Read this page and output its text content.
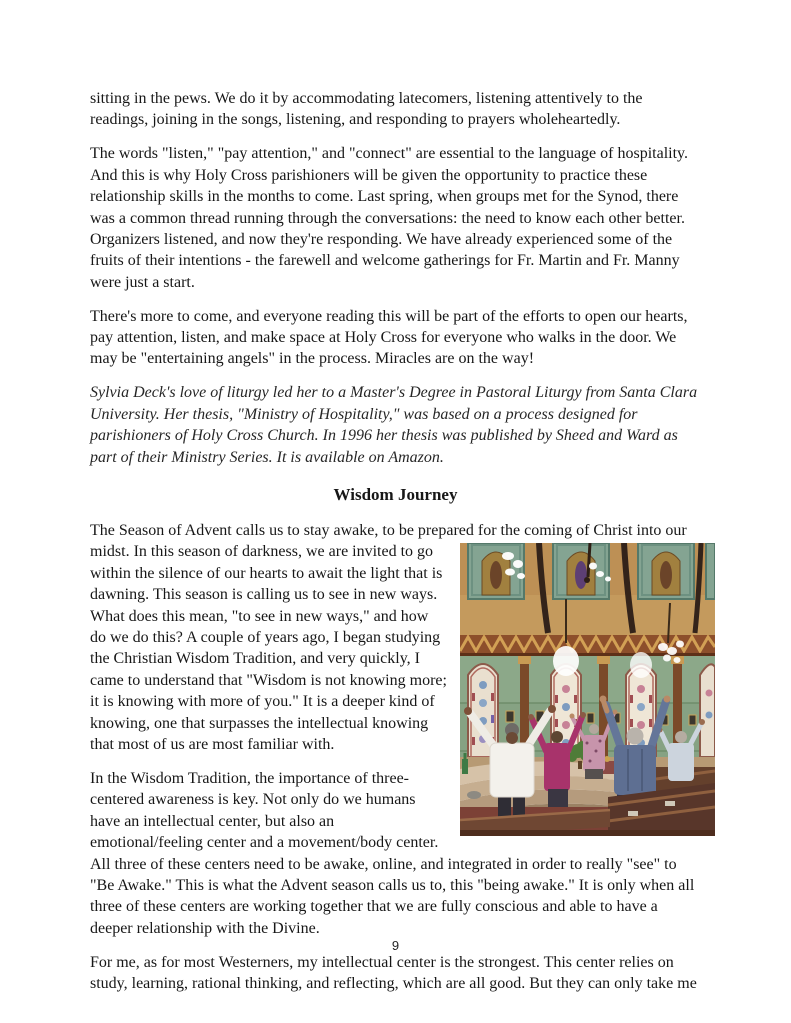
sitting in the pews. We do it by accommodating latecomers, listening attentively to the readings, joining in the songs, listening, and responding to prayers wholeheartedly.

The words "listen," "pay attention," and "connect" are essential to the language of hospitality. And this is why Holy Cross parishioners will be given the opportunity to practice these relationship skills in the months to come. Last spring, when groups met for the Synod, there was a common thread running through the conversations: the need to know each other better. Organizers listened, and now they're responding. We have already experienced some of the fruits of their intentions - the farewell and welcome gatherings for Fr. Martin and Fr. Manny were just a start.

There's more to come, and everyone reading this will be part of the efforts to open our hearts, pay attention, listen, and make space at Holy Cross for everyone who walks in the door. We may be "entertaining angels" in the process. Miracles are on the way!

Sylvia Deck's love of liturgy led her to a Master's Degree in Pastoral Liturgy from Santa Clara University. Her thesis, "Ministry of Hospitality," was based on a process designed for parishioners of Holy Cross Church. In 1996 her thesis was published by Sheed and Ward as part of their Ministry Series. It is available on Amazon.

Wisdom Journey

The Season of Advent calls us to stay awake, to be prepared for the coming of Christ into our
midst. In this season of darkness, we are invited to go within the silence of our hearts to await the light that is dawning. This season is calling us to see in new ways. What does this mean, "to see in new ways," and how do we do this? A couple of years ago, I began studying the Christian Wisdom Tradition, and very quickly, I came to understand that "Wisdom is not knowing more; it is knowing with more of you." It is a deeper kind of knowing, one that surpasses the intellectual knowing that most of us are most familiar with.

In the Wisdom Tradition, the importance of three-centered awareness is key. Not only do we humans have an intellectual center, but also an emotional/feeling center and a movement/body center. All three of these centers need to be awake, online, and integrated in order to really "see" to "Be Awake." This is what the Advent season calls us to, this "being awake." It is only when all three of these centers are working together that we are fully conscious and able to have a deeper relationship with the Divine.

For me, as for most Westerners, my intellectual center is the strongest. This center relies on study, learning, rational thinking, and reflecting, which are all good. But they can only take me

9
